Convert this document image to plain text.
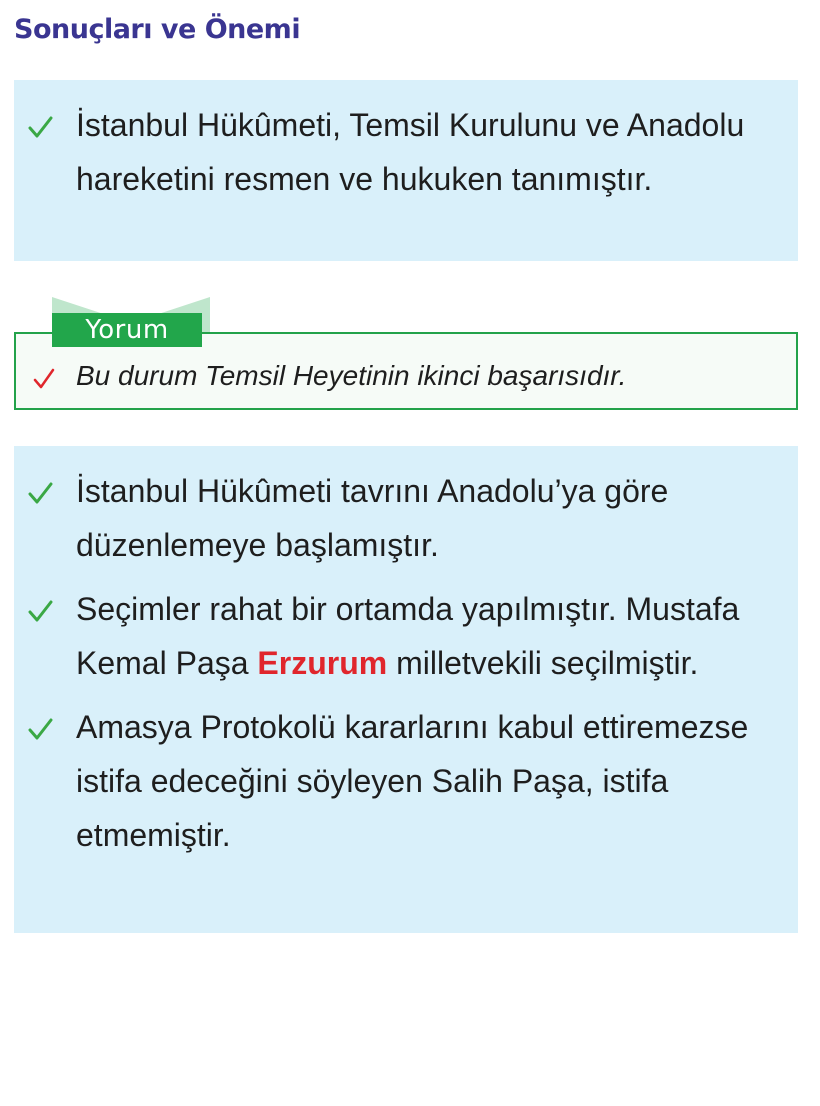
Sonuçları ve Önemi
İstanbul Hükûmeti, Temsil Kurulunu ve Anadolu hareketini resmen ve hukuken tanımıştır.
Yorum
Bu durum Temsil Heyetinin ikinci başarısıdır.
İstanbul Hükûmeti tavrını Anadolu’ya göre düzenlemeye başlamıştır.
Seçimler rahat bir ortamda yapılmıştır. Mustafa Kemal Paşa Erzurum milletvekili seçilmiştir.
Amasya Protokolü kararlarını kabul ettiremezse istifa edeceğini söyleyen Salih Paşa, istifa etmemiştir.
